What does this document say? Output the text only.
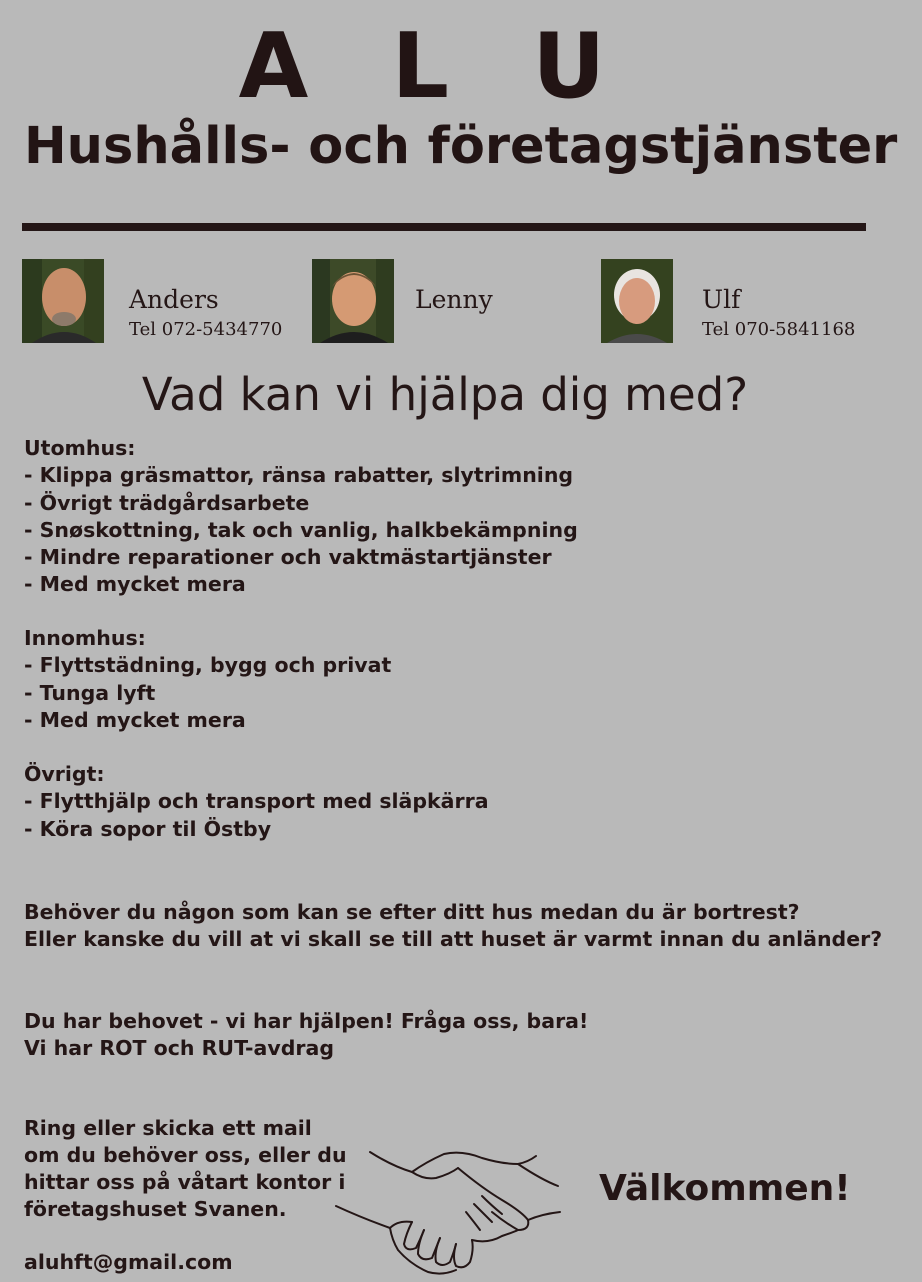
A L U
Hushålls- och företagstjänster
Anders
Tel 072-5434770
Lenny	Ulf
Tel 070-5841168
Vad kan vi hjälpa dig med?
Utomhus:
- Klippa gräsmattor, ränsa rabatter, slytrimning
- Övrigt trädgårdsarbete
- Snøskottning, tak och vanlig, halkbekämpning
- Mindre reparationer och vaktmästartjänster
- Med mycket mera
Innomhus:
- Flyttstädning, bygg och privat
- Tunga lyft
- Med mycket mera
Övrigt:
- Flytthjälp och transport med släpkärra
- Köra sopor til Östby
Behöver du någon som kan se efter ditt hus medan du är bortrest?
Eller kanske du vill at vi skall se till att huset är varmt innan du anländer?
Du har behovet - vi har hjälpen! Fråga oss, bara!
Vi har ROT och RUT-avdrag
Ring eller skicka ett mail
om du behöver oss, eller du
hittar oss på våtart kontor i
företagshuset Svanen.	Välkommen!
aluhft@gmail.com
